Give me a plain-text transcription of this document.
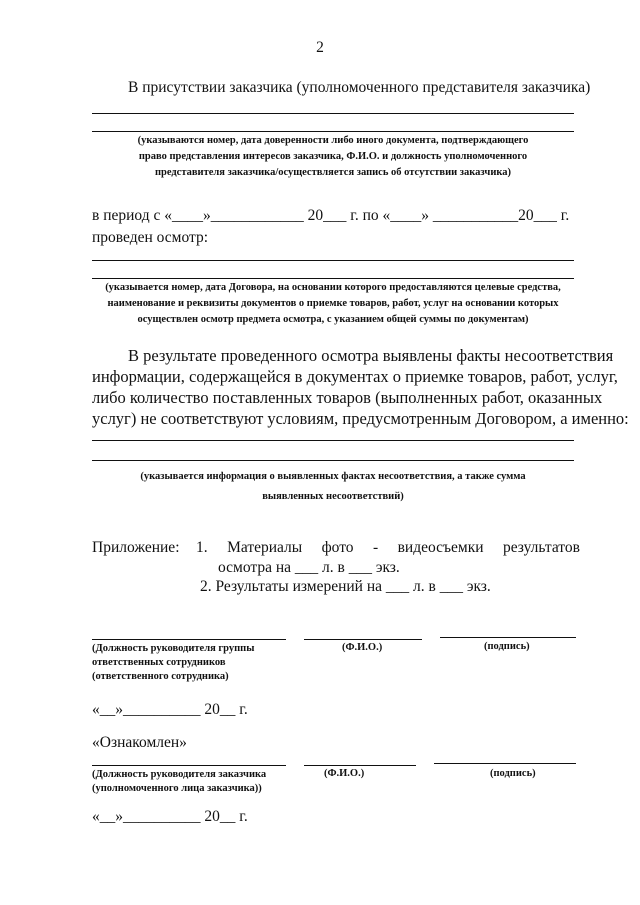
2
В присутствии заказчика (уполномоченного представителя заказчика)
(указываются номер, дата доверенности либо иного документа, подтверждающего
право представления интересов заказчика, Ф.И.О. и должность уполномоченного
представителя заказчика/осуществляется запись об отсутствии заказчика)
в период с «____»____________ 20___ г. по «____» ___________20___ г.
проведен осмотр:
(указывается номер, дата Договора, на основании которого предоставляются целевые средства,
наименование и реквизиты документов о приемке товаров, работ, услуг на основании которых
осуществлен осмотр предмета осмотра, с указанием общей суммы по документам)
В результате проведенного осмотра выявлены факты несоответствия
информации, содержащейся в документах о приемке товаров, работ, услуг,
либо количество поставленных товаров (выполненных работ, оказанных
услуг) не соответствуют условиям, предусмотренным Договором, а именно:
(указывается информация о выявленных фактах несоответствия, а также сумма
выявленных несоответствий)
Приложение: 1. Материалы фото - видеосъемки результатов
осмотра на ___ л. в ___ экз.
2. Результаты измерений на ___ л. в ___ экз.
(Должность руководителя группы
ответственных сотрудников
(ответственного сотрудника)
(Ф.И.О.)	(подпись)
«__»__________ 20__ г.
«Ознакомлен»
(Должность руководителя заказчика
(уполномоченного лица заказчика))
(Ф.И.О.)	(подпись)
«__»__________ 20__ г.
